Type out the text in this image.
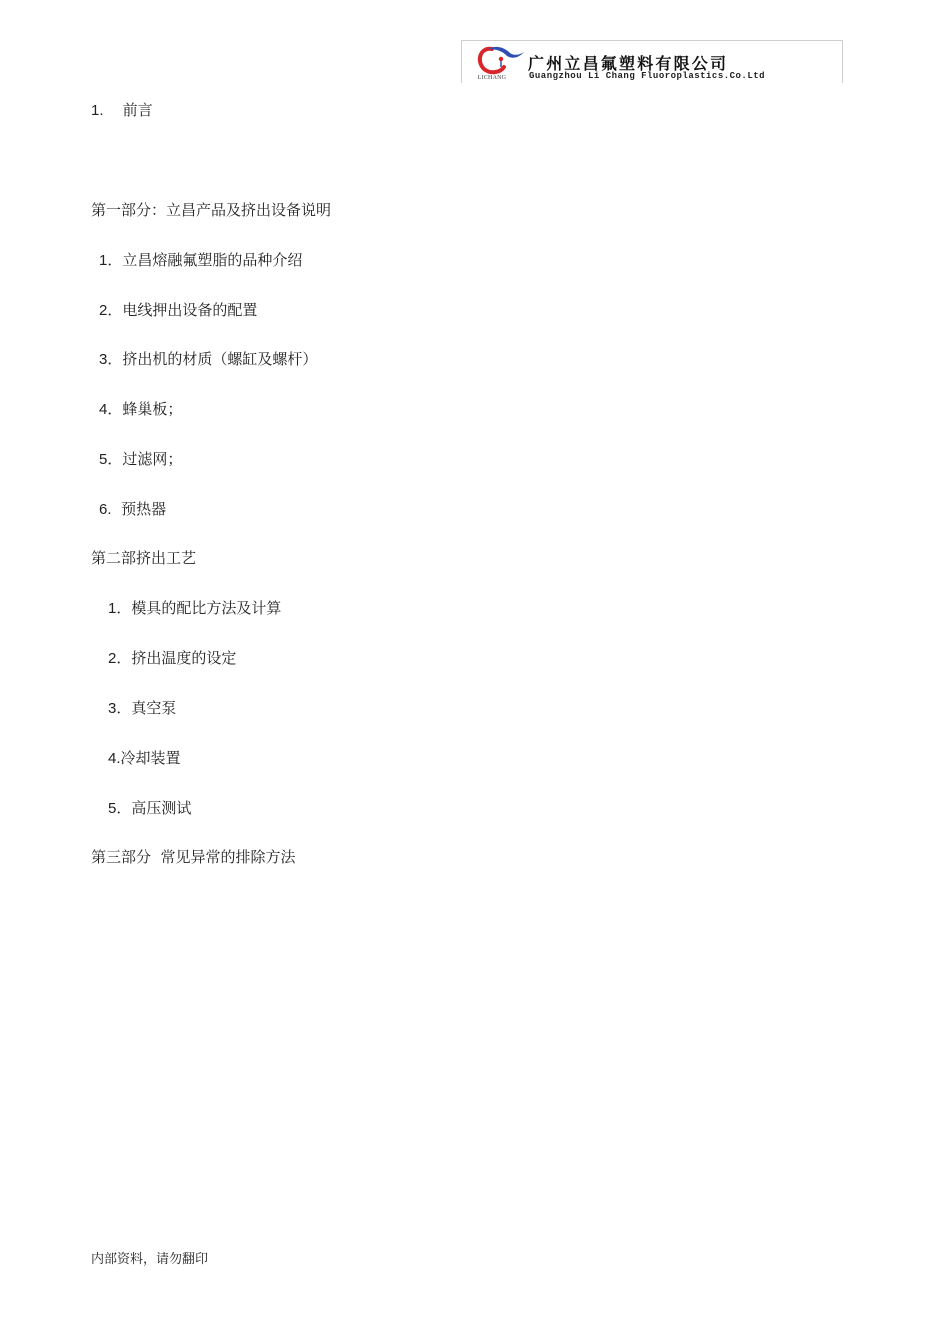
LICHANG
广州立昌氟塑料有限公司
Guangzhou Li Chang Fluoroplastics.Co.Ltd
1. 前言
第一部分：立昌产品及挤出设备说明
1．立昌熔融氟塑脂的品种介绍
2．电线押出设备的配置
3．挤出机的材质（螺缸及螺杆）
4．蜂巢板；
5．过滤网；
6. 预热器
第二部挤出工艺
1．模具的配比方法及计算
2．挤出温度的设定
3．真空泵
4.冷却装置
5．高压测试
第三部分  常见异常的排除方法
内部资料，请勿翻印
